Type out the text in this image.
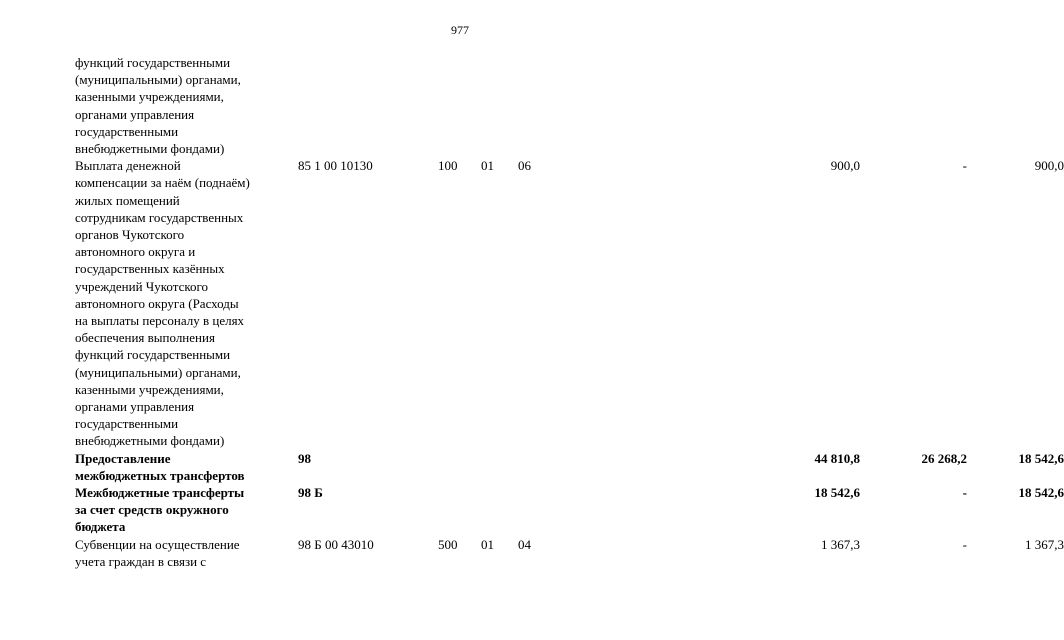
977
функций государственными
(муниципальными) органами,
казенными учреждениями,
органами управления
государственными
внебюджетными фондами)
Выплата денежной
компенсации за наём (поднаём)
жилых помещений
сотрудникам государственных
органов Чукотского
автономного округа и
государственных казённых
учреждений Чукотского
автономного округа (Расходы
на выплаты персоналу в целях
обеспечения выполнения
функций государственными
(муниципальными) органами,
казенными учреждениями,
органами управления
государственными
внебюджетными фондами)
85 1 00 10130	100 01 06	900,0	-	900,0
Предоставление
межбюджетных трансфертов
98	44 810,8	26 268,2	18 542,6
Межбюджетные трансферты
за счет средств окружного
бюджета
98 Б	18 542,6	-	18 542,6
Субвенции на осуществление
учета граждан в связи с
98 Б 00 43010	500 01 04	1 367,3	-	1 367,3
